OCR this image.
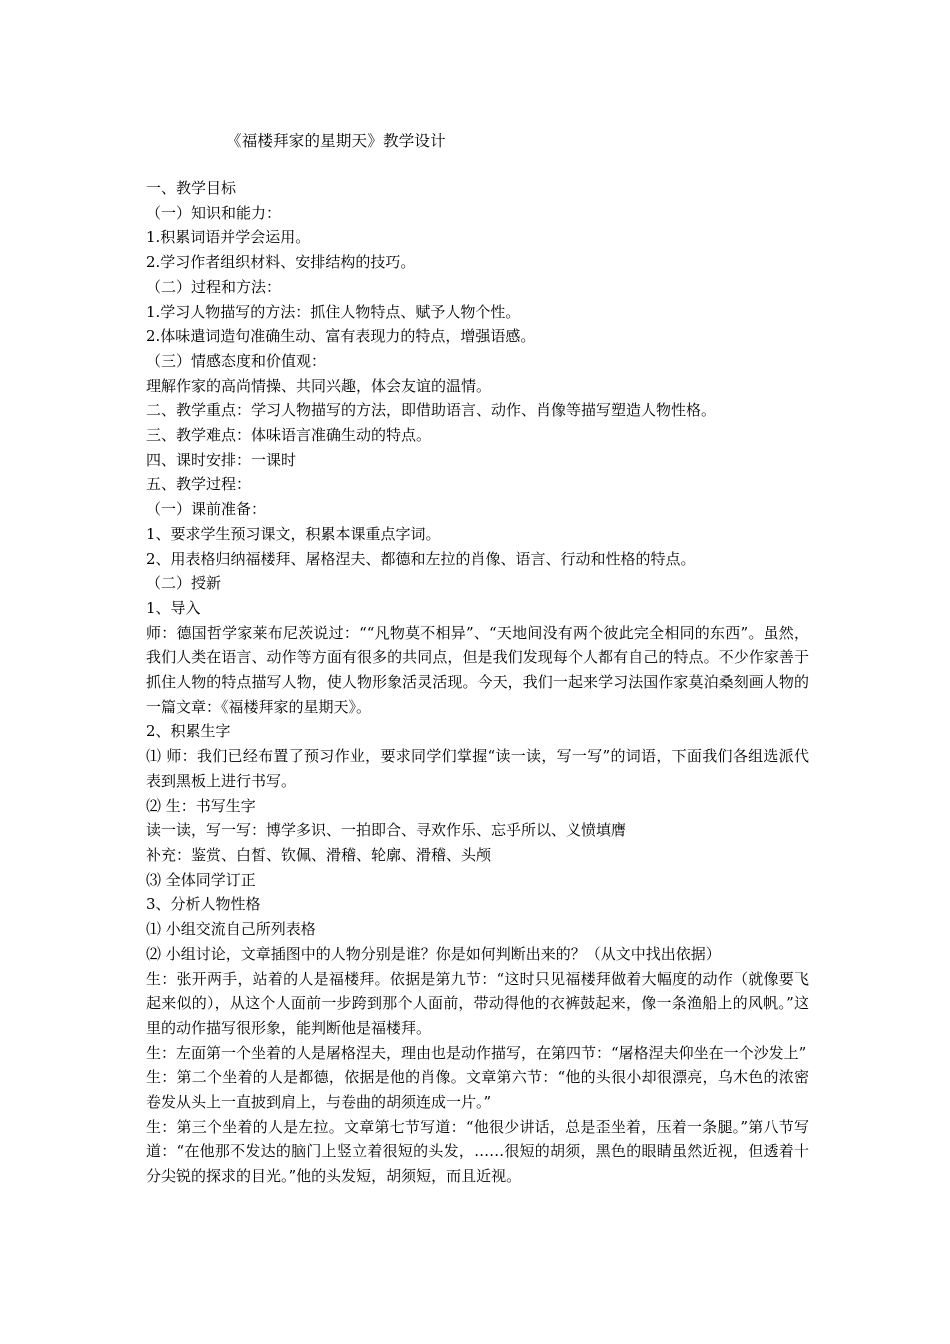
《福楼拜家的星期天》教学设计

一、教学目标

（一）知识和能力：

1.积累词语并学会运用。

2.学习作者组织材料、安排结构的技巧。

（二）过程和方法：

1.学习人物描写的方法：抓住人物特点、赋予人物个性。

2.体味遣词造句准确生动、富有表现力的特点，增强语感。

（三）情感态度和价值观：

理解作家的高尚情操、共同兴趣，体会友谊的温情。

二、教学重点：学习人物描写的方法，即借助语言、动作、肖像等描写塑造人物性格。

三、教学难点：体味语言准确生动的特点。

四、课时安排：一课时

五、教学过程：

（一）课前准备：

1、要求学生预习课文，积累本课重点字词。

2、用表格归纳福楼拜、屠格涅夫、都德和左拉的肖像、语言、行动和性格的特点。

（二）授新

1、导入

师：德国哲学家莱布尼茨说过：““凡物莫不相异”、“天地间没有两个彼此完全相同的东西”。虽然，我们人类在语言、动作等方面有很多的共同点，但是我们发现每个人都有自己的特点。不少作家善于抓住人物的特点描写人物，使人物形象活灵活现。今天，我们一起来学习法国作家莫泊桑刻画人物的一篇文章：《福楼拜家的星期天》。

2、积累生字

⑴ 师：我们已经布置了预习作业，要求同学们掌握“读一读，写一写”的词语，下面我们各组选派代表到黑板上进行书写。

⑵ 生：书写生字

读一读，写一写：博学多识、一拍即合、寻欢作乐、忘乎所以、义愤填膺

补充：鉴赏、白皙、钦佩、滑稽、轮廓、滑稽、头颅

⑶ 全体同学订正

3、分析人物性格

⑴ 小组交流自己所列表格

⑵ 小组讨论，文章插图中的人物分别是谁？你是如何判断出来的？（从文中找出依据）

生：张开两手，站着的人是福楼拜。依据是第九节：“这时只见福楼拜做着大幅度的动作（就像要飞起来似的），从这个人面前一步跨到那个人面前，带动得他的衣裤鼓起来，像一条渔船上的风帆。”这里的动作描写很形象，能判断他是福楼拜。

生：左面第一个坐着的人是屠格涅夫，理由也是动作描写，在第四节：“屠格涅夫仰坐在一个沙发上”

生：第二个坐着的人是都德，依据是他的肖像。文章第六节：“他的头很小却很漂亮，乌木色的浓密卷发从头上一直披到肩上，与卷曲的胡须连成一片。”

生：第三个坐着的人是左拉。文章第七节写道：“他很少讲话，总是歪坐着，压着一条腿。”第八节写道：“在他那不发达的脑门上竖立着很短的头发，……很短的胡须，黑色的眼睛虽然近视，但透着十分尖锐的探求的目光。”他的头发短，胡须短，而且近视。
